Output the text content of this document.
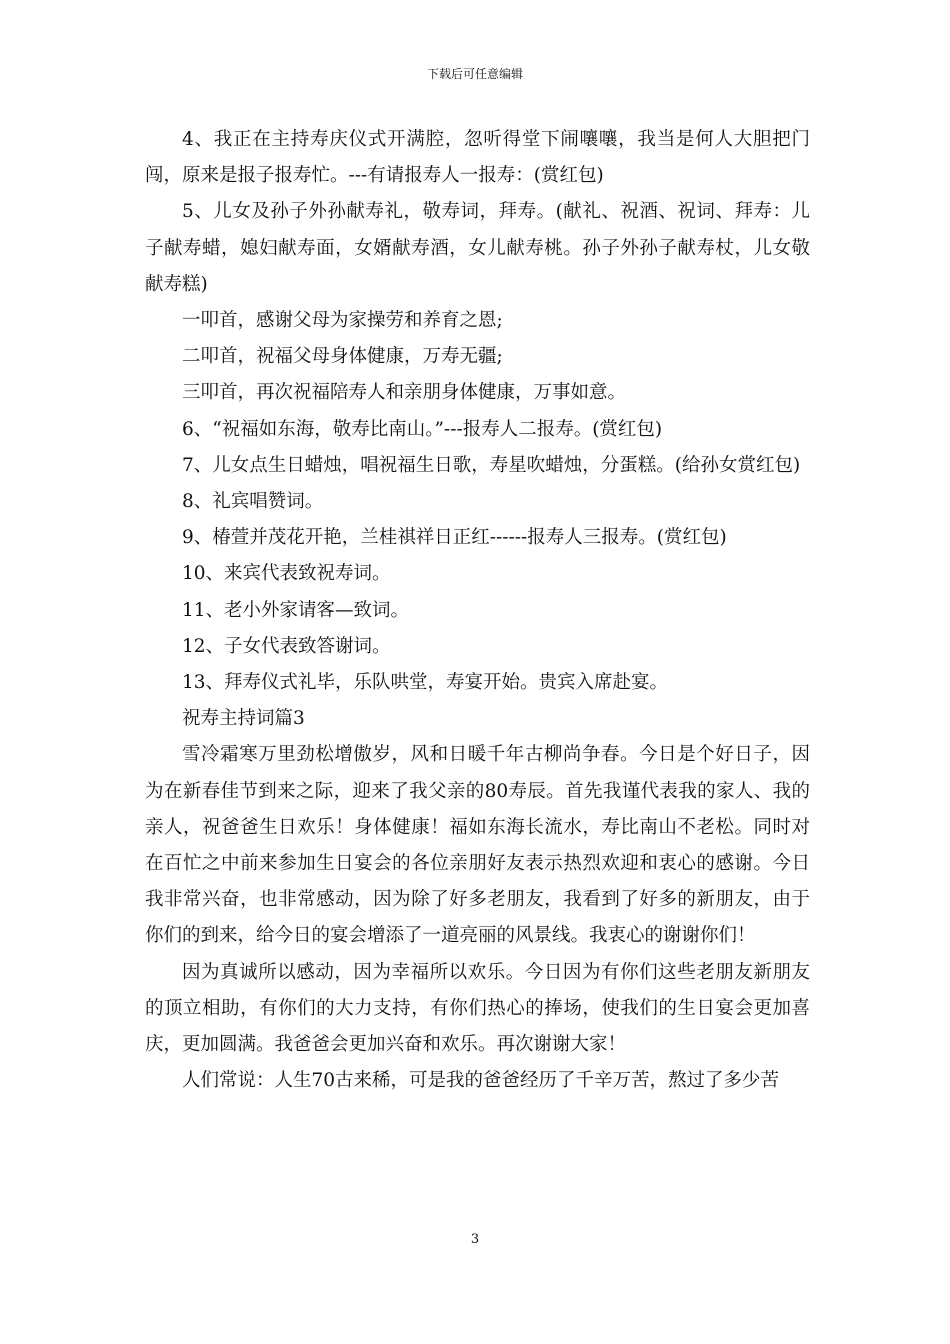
下载后可任意编辑

4、我正在主持寿庆仪式开满腔，忽听得堂下闹嚷嚷，我当是何人大胆把门闯，原来是报子报寿忙。---有请报寿人一报寿：(赏红包)

5、儿女及孙子外孙献寿礼，敬寿词，拜寿。(献礼、祝酒、祝词、拜寿：儿子献寿蜡，媳妇献寿面，女婿献寿酒，女儿献寿桃。孙子外孙子献寿杖，儿女敬献寿糕)

一叩首，感谢父母为家操劳和养育之恩;

二叩首，祝福父母身体健康，万寿无疆;

三叩首，再次祝福陪寿人和亲朋身体健康，万事如意。

6、“祝福如东海，敬寿比南山。”---报寿人二报寿。(赏红包)

7、儿女点生日蜡烛，唱祝福生日歌，寿星吹蜡烛，分蛋糕。(给孙女赏红包)

8、礼宾唱赞词。

9、椿萱并茂花开艳，兰桂祺祥日正红------报寿人三报寿。(赏红包)

10、来宾代表致祝寿词。

11、老小外家请客—致词。

12、子女代表致答谢词。

13、拜寿仪式礼毕，乐队哄堂，寿宴开始。贵宾入席赴宴。

祝寿主持词篇3

雪冷霜寒万里劲松增傲岁，风和日暖千年古柳尚争春。今日是个好日子，因为在新春佳节到来之际，迎来了我父亲的80寿辰。首先我谨代表我的家人、我的亲人，祝爸爸生日欢乐！身体健康！福如东海长流水，寿比南山不老松。同时对在百忙之中前来参加生日宴会的各位亲朋好友表示热烈欢迎和衷心的感谢。今日我非常兴奋，也非常感动，因为除了好多老朋友，我看到了好多的新朋友，由于你们的到来，给今日的宴会增添了一道亮丽的风景线。我衷心的谢谢你们！

因为真诚所以感动，因为幸福所以欢乐。今日因为有你们这些老朋友新朋友的顶立相助，有你们的大力支持，有你们热心的捧场，使我们的生日宴会更加喜庆，更加圆满。我爸爸会更加兴奋和欢乐。再次谢谢大家！

人们常说：人生70古来稀，可是我的爸爸经历了千辛万苦，熬过了多少苦

3
